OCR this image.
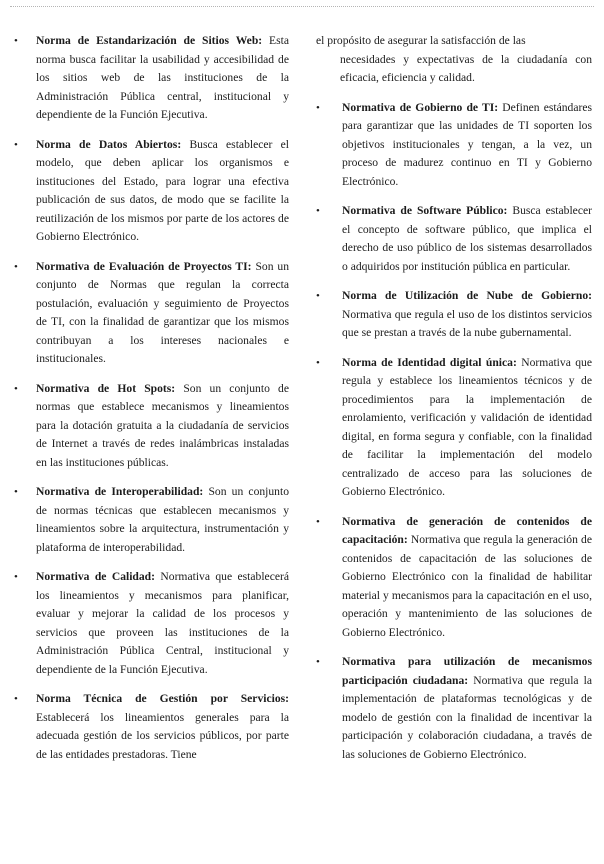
• Norma de Estandarización de Sitios Web: Esta norma busca facilitar la usabilidad y accesibilidad de los sitios web de las instituciones de la Administración Pública central, institucional y dependiente de la Función Ejecutiva.
• Norma de Datos Abiertos: Busca establecer el modelo, que deben aplicar los organismos e instituciones del Estado, para lograr una efectiva publicación de sus datos, de modo que se facilite la reutilización de los mismos por parte de los actores de Gobierno Electrónico.
• Normativa de Evaluación de Proyectos TI: Son un conjunto de Normas que regulan la correcta postulación, evaluación y seguimiento de Proyectos de TI, con la finalidad de garantizar que los mismos contribuyan a los intereses nacionales e institucionales.
• Normativa de Hot Spots: Son un conjunto de normas que establece mecanismos y lineamientos para la dotación gratuita a la ciudadanía de servicios de Internet a través de redes inalámbricas instaladas en las instituciones públicas.
• Normativa de Interoperabilidad: Son un conjunto de normas técnicas que establecen mecanismos y lineamientos sobre la arquitectura, instrumentación y plataforma de interoperabilidad.
• Normativa de Calidad: Normativa que establecerá los lineamientos y mecanismos para planificar, evaluar y mejorar la calidad de los procesos y servicios que proveen las instituciones de la Administración Pública Central, institucional y dependiente de la Función Ejecutiva.
• Norma Técnica de Gestión por Servicios: Establecerá los lineamientos generales para la adecuada gestión de los servicios públicos, por parte de las entidades prestadoras. Tiene
el propósito de asegurar la satisfacción de las
necesidades y expectativas de la ciudadanía con eficacia, eficiencia y calidad.
• Normativa de Gobierno de TI: Definen estándares para garantizar que las unidades de TI soporten los objetivos institucionales y tengan, a la vez, un proceso de madurez continuo en TI y Gobierno Electrónico.
• Normativa de Software Público: Busca establecer el concepto de software público, que implica el derecho de uso público de los sistemas desarrollados o adquiridos por institución pública en particular.
• Norma de Utilización de Nube de Gobierno: Normativa que regula el uso de los distintos servicios que se prestan a través de la nube gubernamental.
• Norma de Identidad digital única: Normativa que regula y establece los lineamientos técnicos y de procedimientos para la implementación de enrolamiento, verificación y validación de identidad digital, en forma segura y confiable, con la finalidad de facilitar la implementación del modelo centralizado de acceso para las soluciones de Gobierno Electrónico.
• Normativa de generación de contenidos de capacitación: Normativa que regula la generación de contenidos de capacitación de las soluciones de Gobierno Electrónico con la finalidad de habilitar material y mecanismos para la capacitación en el uso, operación y mantenimiento de las soluciones de Gobierno Electrónico.
• Normativa para utilización de mecanismos participación ciudadana: Normativa que regula la implementación de plataformas tecnológicas y de modelo de gestión con la finalidad de incentivar la participación y colaboración ciudadana, a través de las soluciones de Gobierno Electrónico.
